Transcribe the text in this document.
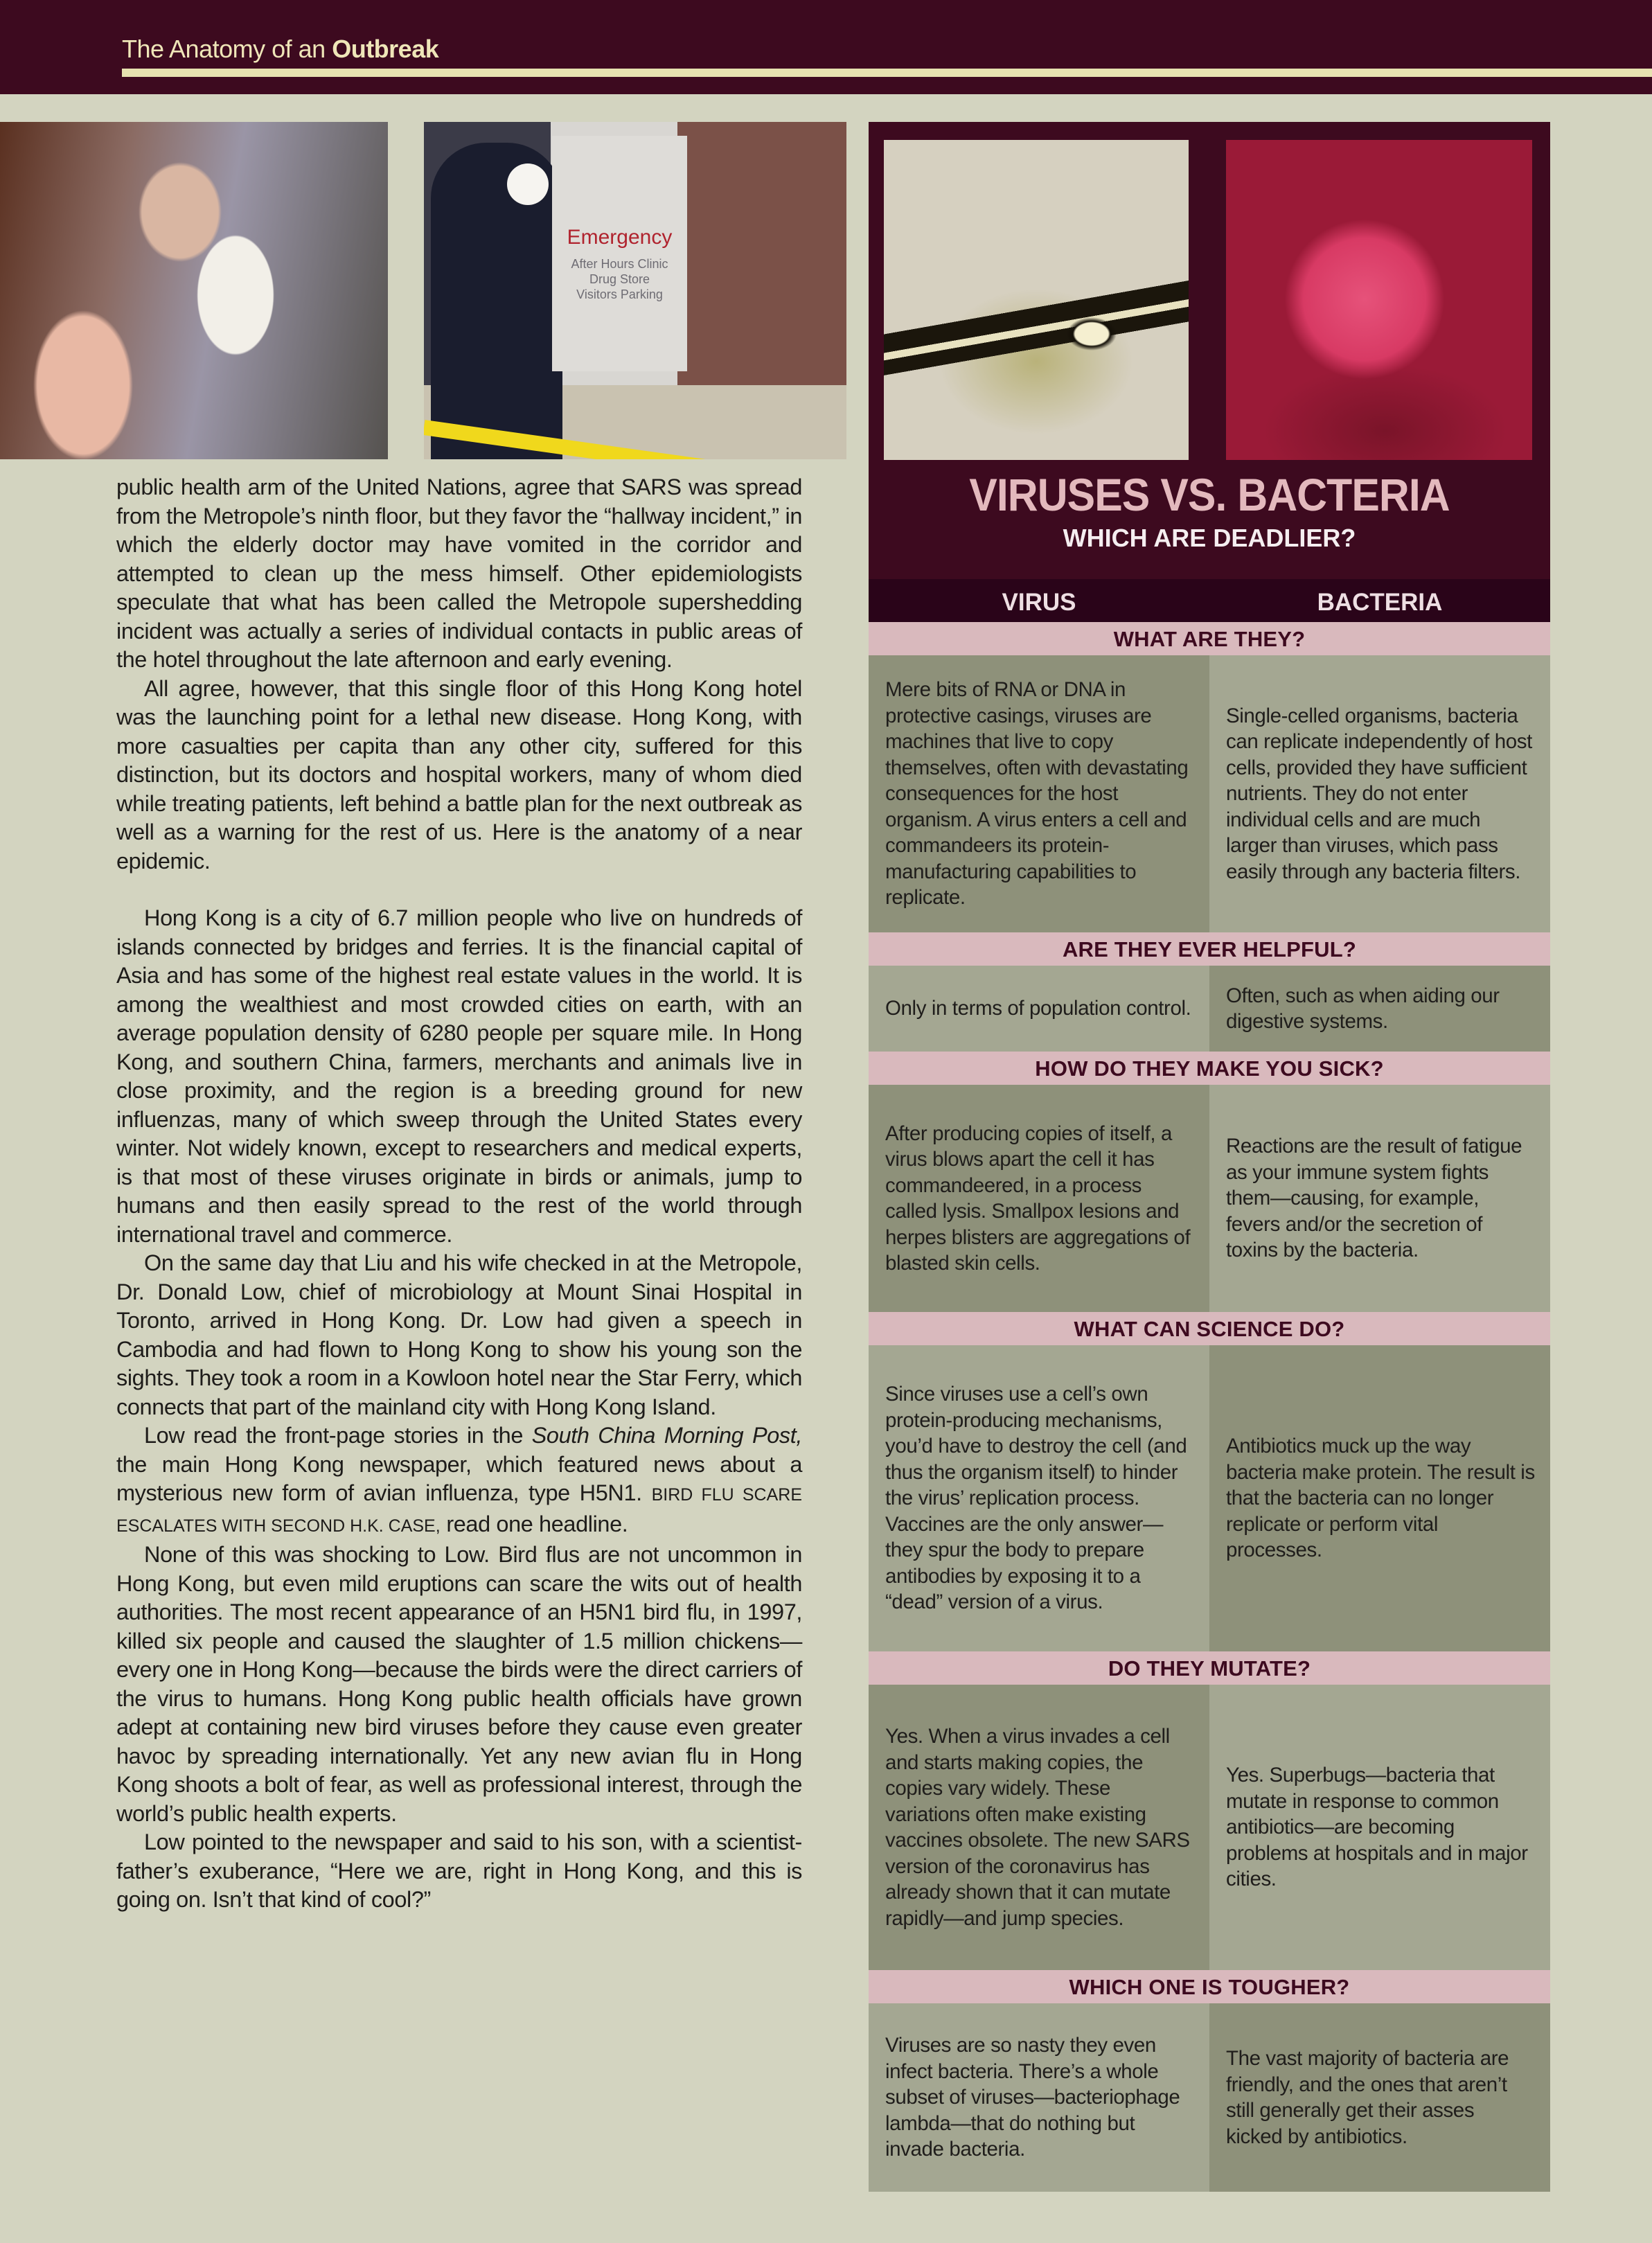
The Anatomy of an Outbreak
Emergency
After Hours Clinic
Drug Store
Visitors Parking

public health arm of the United Nations, agree that SARS was spread from the Metropole’s ninth floor, but they favor the “hallway incident,” in which the elderly doctor may have vomited in the corridor and attempted to clean up the mess himself. Other epidemiologists speculate that what has been called the Metropole supershedding incident was actually a series of individual contacts in public areas of the hotel throughout the late afternoon and early evening.

All agree, however, that this single floor of this Hong Kong hotel was the launching point for a lethal new disease. Hong Kong, with more casualties per capita than any other city, suffered for this distinction, but its doctors and hospital workers, many of whom died while treating patients, left behind a battle plan for the next outbreak as well as a warning for the rest of us. Here is the anatomy of a near epidemic.

Hong Kong is a city of 6.7 million people who live on hundreds of islands connected by bridges and ferries. It is the financial capital of Asia and has some of the highest real estate values in the world. It is among the wealthiest and most crowded cities on earth, with an average population density of 6280 people per square mile. In Hong Kong, and southern China, farmers, merchants and animals live in close proximity, and the region is a breeding ground for new influenzas, many of which sweep through the United States every winter. Not widely known, except to researchers and medical experts, is that most of these viruses originate in birds or animals, jump to humans and then easily spread to the rest of the world through international travel and commerce.

On the same day that Liu and his wife checked in at the Metropole, Dr. Donald Low, chief of microbiology at Mount Sinai Hospital in Toronto, arrived in Hong Kong. Dr. Low had given a speech in Cambodia and had flown to Hong Kong to show his young son the sights. They took a room in a Kowloon hotel near the Star Ferry, which connects that part of the mainland city with Hong Kong Island.

Low read the front-page stories in the South China Morning Post, the main Hong Kong newspaper, which featured news about a mysterious new form of avian influenza, type H5N1. BIRD FLU SCARE ESCALATES WITH SECOND H.K. CASE, read one headline.

None of this was shocking to Low. Bird flus are not uncommon in Hong Kong, but even mild eruptions can scare the wits out of health authorities. The most recent appearance of an H5N1 bird flu, in 1997, killed six people and caused the slaughter of 1.5 million chickens—every one in Hong Kong—because the birds were the direct carriers of the virus to humans. Hong Kong public health officials have grown adept at containing new bird viruses before they cause even greater havoc by spreading internationally. Yet any new avian flu in Hong Kong shoots a bolt of fear, as well as professional interest, through the world’s public health experts.

Low pointed to the newspaper and said to his son, with a scientist-father’s exuberance, “Here we are, right in Hong Kong, and this is going on. Isn’t that kind of cool?”

VIRUSES VS. BACTERIA
WHICH ARE DEADLIER?
VIRUS	BACTERIA
WHAT ARE THEY?
Mere bits of RNA or DNA in protective casings, viruses are machines that live to copy themselves, often with devastating consequences for the host organism. A virus enters a cell and commandeers its protein-manufacturing capabilities to replicate.
Single-celled organisms, bacteria can replicate independently of host cells, provided they have sufficient nutrients. They do not enter individual cells and are much larger than viruses, which pass easily through any bacteria filters.
ARE THEY EVER HELPFUL?
Only in terms of population control.
Often, such as when aiding our digestive systems.
HOW DO THEY MAKE YOU SICK?
After producing copies of itself, a virus blows apart the cell it has commandeered, in a process called lysis. Smallpox lesions and herpes blisters are aggregations of blasted skin cells.
Reactions are the result of fatigue as your immune system fights them—causing, for example, fevers and/or the secretion of toxins by the bacteria.
WHAT CAN SCIENCE DO?
Since viruses use a cell’s own protein-producing mechanisms, you’d have to destroy the cell (and thus the organism itself) to hinder the virus’ replication process. Vaccines are the only answer—they spur the body to prepare antibodies by exposing it to a “dead” version of a virus.
Antibiotics muck up the way bacteria make protein. The result is that the bacteria can no longer replicate or perform vital processes.
DO THEY MUTATE?
Yes. When a virus invades a cell and starts making copies, the copies vary widely. These variations often make existing vaccines obsolete. The new SARS version of the coronavirus has already shown that it can mutate rapidly—and jump species.
Yes. Superbugs—bacteria that mutate in response to common antibiotics—are becoming problems at hospitals and in major cities.
WHICH ONE IS TOUGHER?
Viruses are so nasty they even infect bacteria. There’s a whole subset of viruses—bacteriophage lambda—that do nothing but invade bacteria.
The vast majority of bacteria are friendly, and the ones that aren’t still generally get their asses kicked by antibiotics.
